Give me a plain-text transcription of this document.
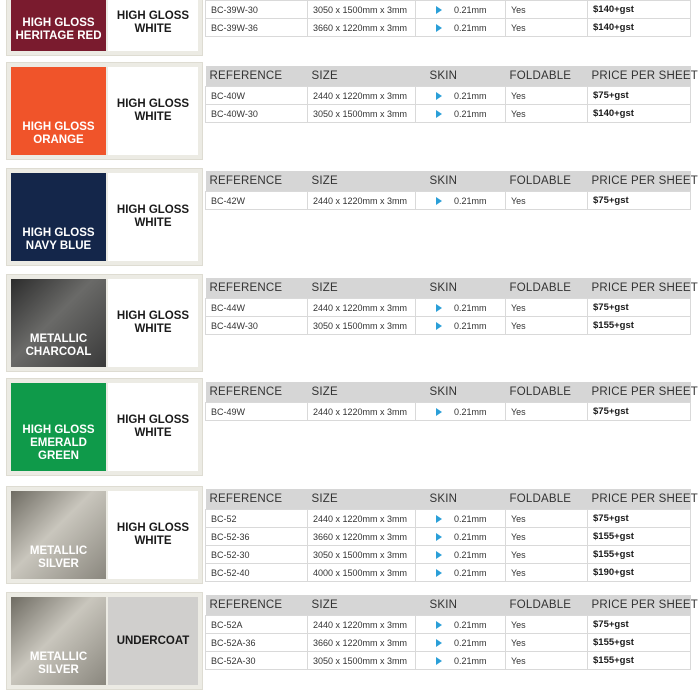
HIGH GLOSS
HERITAGE RED
HIGH GLOSS
WHITE
BC-39W-30	3050 x 1500mm x 3mm	0.21mm	Yes	$140+gst
BC-39W-36	3660 x 1220mm x 3mm	0.21mm	Yes	$140+gst
HIGH GLOSS
ORANGE
HIGH GLOSS
WHITE
REFERENCE	SIZE	SKIN	FOLDABLE	PRICE PER SHEET
BC-40W	2440 x 1220mm x 3mm	0.21mm	Yes	$75+gst
BC-40W-30	3050 x 1500mm x 3mm	0.21mm	Yes	$140+gst
HIGH GLOSS
NAVY BLUE
HIGH GLOSS
WHITE
REFERENCE	SIZE	SKIN	FOLDABLE	PRICE PER SHEET
BC-42W	2440 x 1220mm x 3mm	0.21mm	Yes	$75+gst
METALLIC
CHARCOAL
HIGH GLOSS
WHITE
REFERENCE	SIZE	SKIN	FOLDABLE	PRICE PER SHEET
BC-44W	2440 x 1220mm x 3mm	0.21mm	Yes	$75+gst
BC-44W-30	3050 x 1500mm x 3mm	0.21mm	Yes	$155+gst
HIGH GLOSS
EMERALD GREEN
HIGH GLOSS
WHITE
REFERENCE	SIZE	SKIN	FOLDABLE	PRICE PER SHEET
BC-49W	2440 x 1220mm x 3mm	0.21mm	Yes	$75+gst
METALLIC
SILVER
HIGH GLOSS
WHITE
REFERENCE	SIZE	SKIN	FOLDABLE	PRICE PER SHEET
BC-52	2440 x 1220mm x 3mm	0.21mm	Yes	$75+gst
BC-52-36	3660 x 1220mm x 3mm	0.21mm	Yes	$155+gst
BC-52-30	3050 x 1500mm x 3mm	0.21mm	Yes	$155+gst
BC-52-40	4000 x 1500mm x 3mm	0.21mm	Yes	$190+gst
METALLIC
SILVER
UNDERCOAT
REFERENCE	SIZE	SKIN	FOLDABLE	PRICE PER SHEET
BC-52A	2440 x 1220mm x 3mm	0.21mm	Yes	$75+gst
BC-52A-36	3660 x 1220mm x 3mm	0.21mm	Yes	$155+gst
BC-52A-30	3050 x 1500mm x 3mm	0.21mm	Yes	$155+gst
